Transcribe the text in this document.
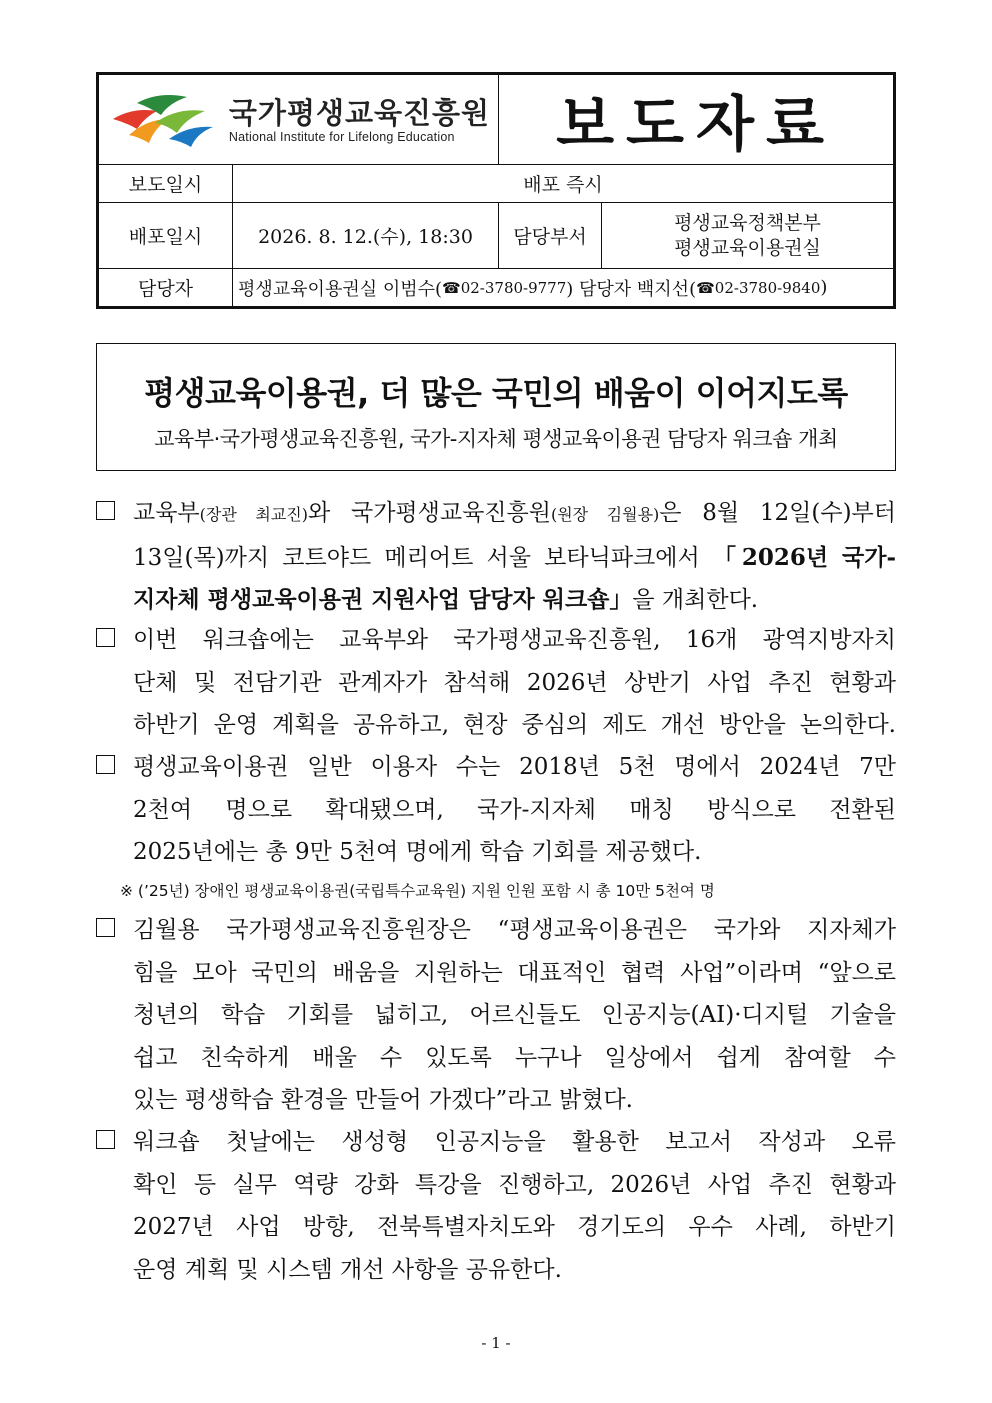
국가평생교육진흥원
National Institute for Lifelong Education	보도자료
보도일시	배포 즉시
배포일시	2026. 8. 12.(수), 18:30	담당부서
평생교육정책본부
평생교육이용권실
담당자	평생교육이용권실 이범수( ☎02-3780-9777 ) 담당자 백지선( ☎02-3780-9840 )
평생교육이용권, 더 많은 국민의 배움이 이어지도록
교육부·국가평생교육진흥원, 국가-지자체 평생교육이용권 담당자 워크숍 개최
교육부(장관 최교진)와 국가평생교육진흥원(원장 김월용)은 8월 12일(수)부터
13일(목)까지 코트야드 메리어트 서울 보타닉파크에서 「2026년 국가-
지자체 평생교육이용권 지원사업 담당자 워크숍」을 개최한다.
이번 워크숍에는 교육부와 국가평생교육진흥원, 16개 광역지방자치
단체 및 전담기관 관계자가 참석해 2026년 상반기 사업 추진 현황과
하반기 운영 계획을 공유하고, 현장 중심의 제도 개선 방안을 논의한다.
평생교육이용권 일반 이용자 수는 2018년 5천 명에서 2024년 7만
2천여 명으로 확대됐으며, 국가-지자체 매칭 방식으로 전환된
2025년에는 총 9만 5천여 명에게 학습 기회를 제공했다.
※ (’25년) 장애인 평생교육이용권(국립특수교육원) 지원 인원 포함 시 총 10만 5천여 명
김월용 국가평생교육진흥원장은 “평생교육이용권은 국가와 지자체가
힘을 모아 국민의 배움을 지원하는 대표적인 협력 사업”이라며 “앞으로
청년의 학습 기회를 넓히고, 어르신들도 인공지능(AI)·디지털 기술을
쉽고 친숙하게 배울 수 있도록 누구나 일상에서 쉽게 참여할 수
있는 평생학습 환경을 만들어 가겠다”라고 밝혔다.
워크숍 첫날에는 생성형 인공지능을 활용한 보고서 작성과 오류
확인 등 실무 역량 강화 특강을 진행하고, 2026년 사업 추진 현황과
2027년 사업 방향, 전북특별자치도와 경기도의 우수 사례, 하반기
운영 계획 및 시스템 개선 사항을 공유한다.
- 1 -
